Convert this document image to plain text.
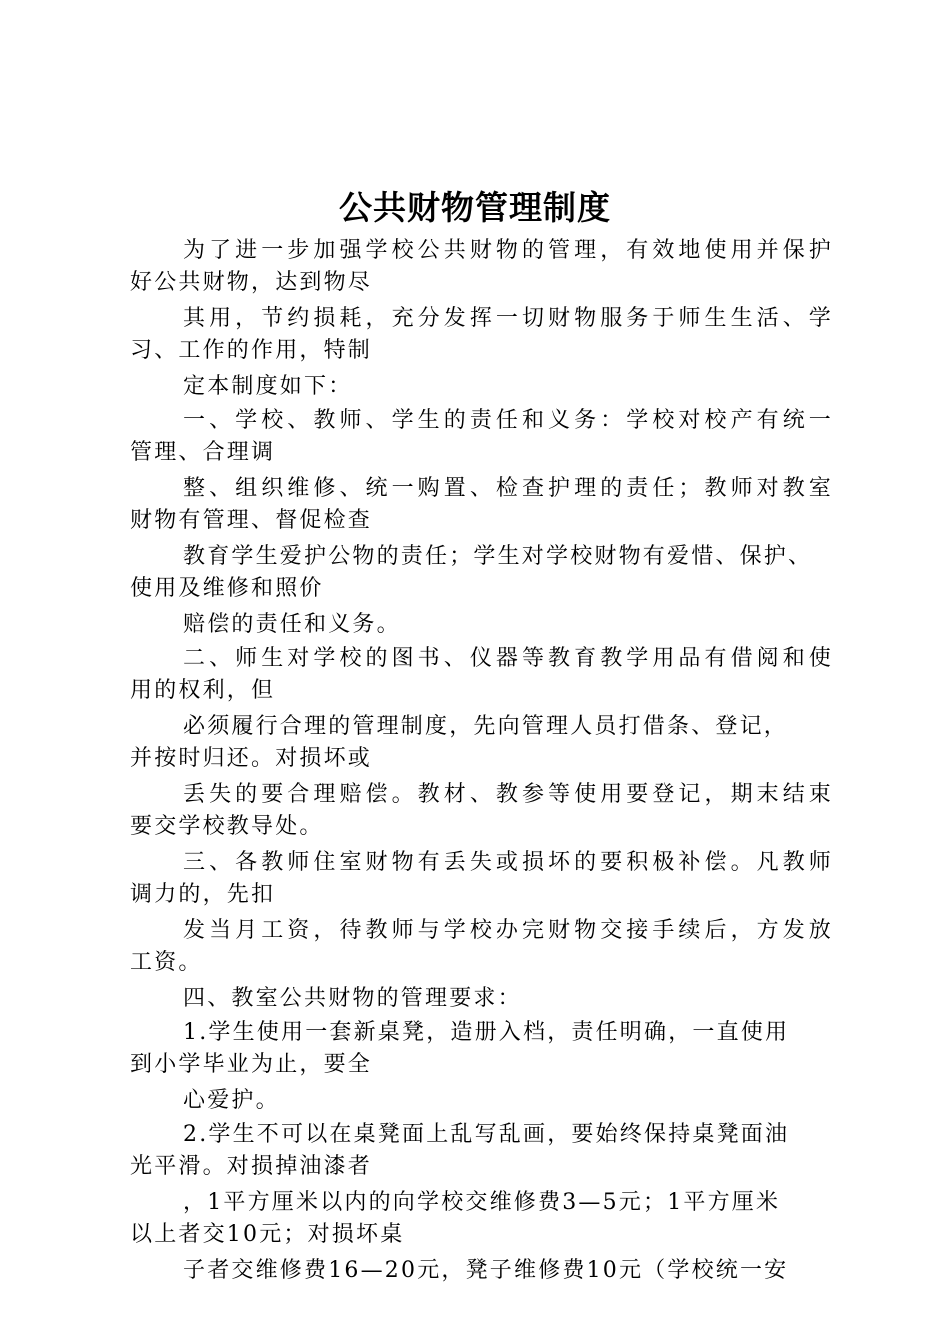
公共财物管理制度
为了进一步加强学校公共财物的管理，有效地使用并保护
好公共财物，达到物尽
其用，节约损耗，充分发挥一切财物服务于师生生活、学
习、工作的作用，特制
定本制度如下：
一、学校、教师、学生的责任和义务：学校对校产有统一
管理、合理调
整、组织维修、统一购置、检查护理的责任；教师对教室
财物有管理、督促检查
教育学生爱护公物的责任；学生对学校财物有爱惜、保护、
使用及维修和照价
赔偿的责任和义务。
二、师生对学校的图书、仪器等教育教学用品有借阅和使
用的权利，但
必须履行合理的管理制度，先向管理人员打借条、登记，
并按时归还。对损坏或
丢失的要合理赔偿。教材、教参等使用要登记，期末结束
要交学校教导处。
三、各教师住室财物有丢失或损坏的要积极补偿。凡教师
调力的，先扣
发当月工资，待教师与学校办完财物交接手续后，方发放
工资。
四、教室公共财物的管理要求：
1.学生使用一套新桌凳，造册入档，责任明确，一直使用
到小学毕业为止，要全
心爱护。
2.学生不可以在桌凳面上乱写乱画，要始终保持桌凳面油
光平滑。对损掉油漆者
，1平方厘米以内的向学校交维修费3—5元；1平方厘米
以上者交10元；对损坏桌
子者交维修费16—20元，凳子维修费10元（学校统一安
